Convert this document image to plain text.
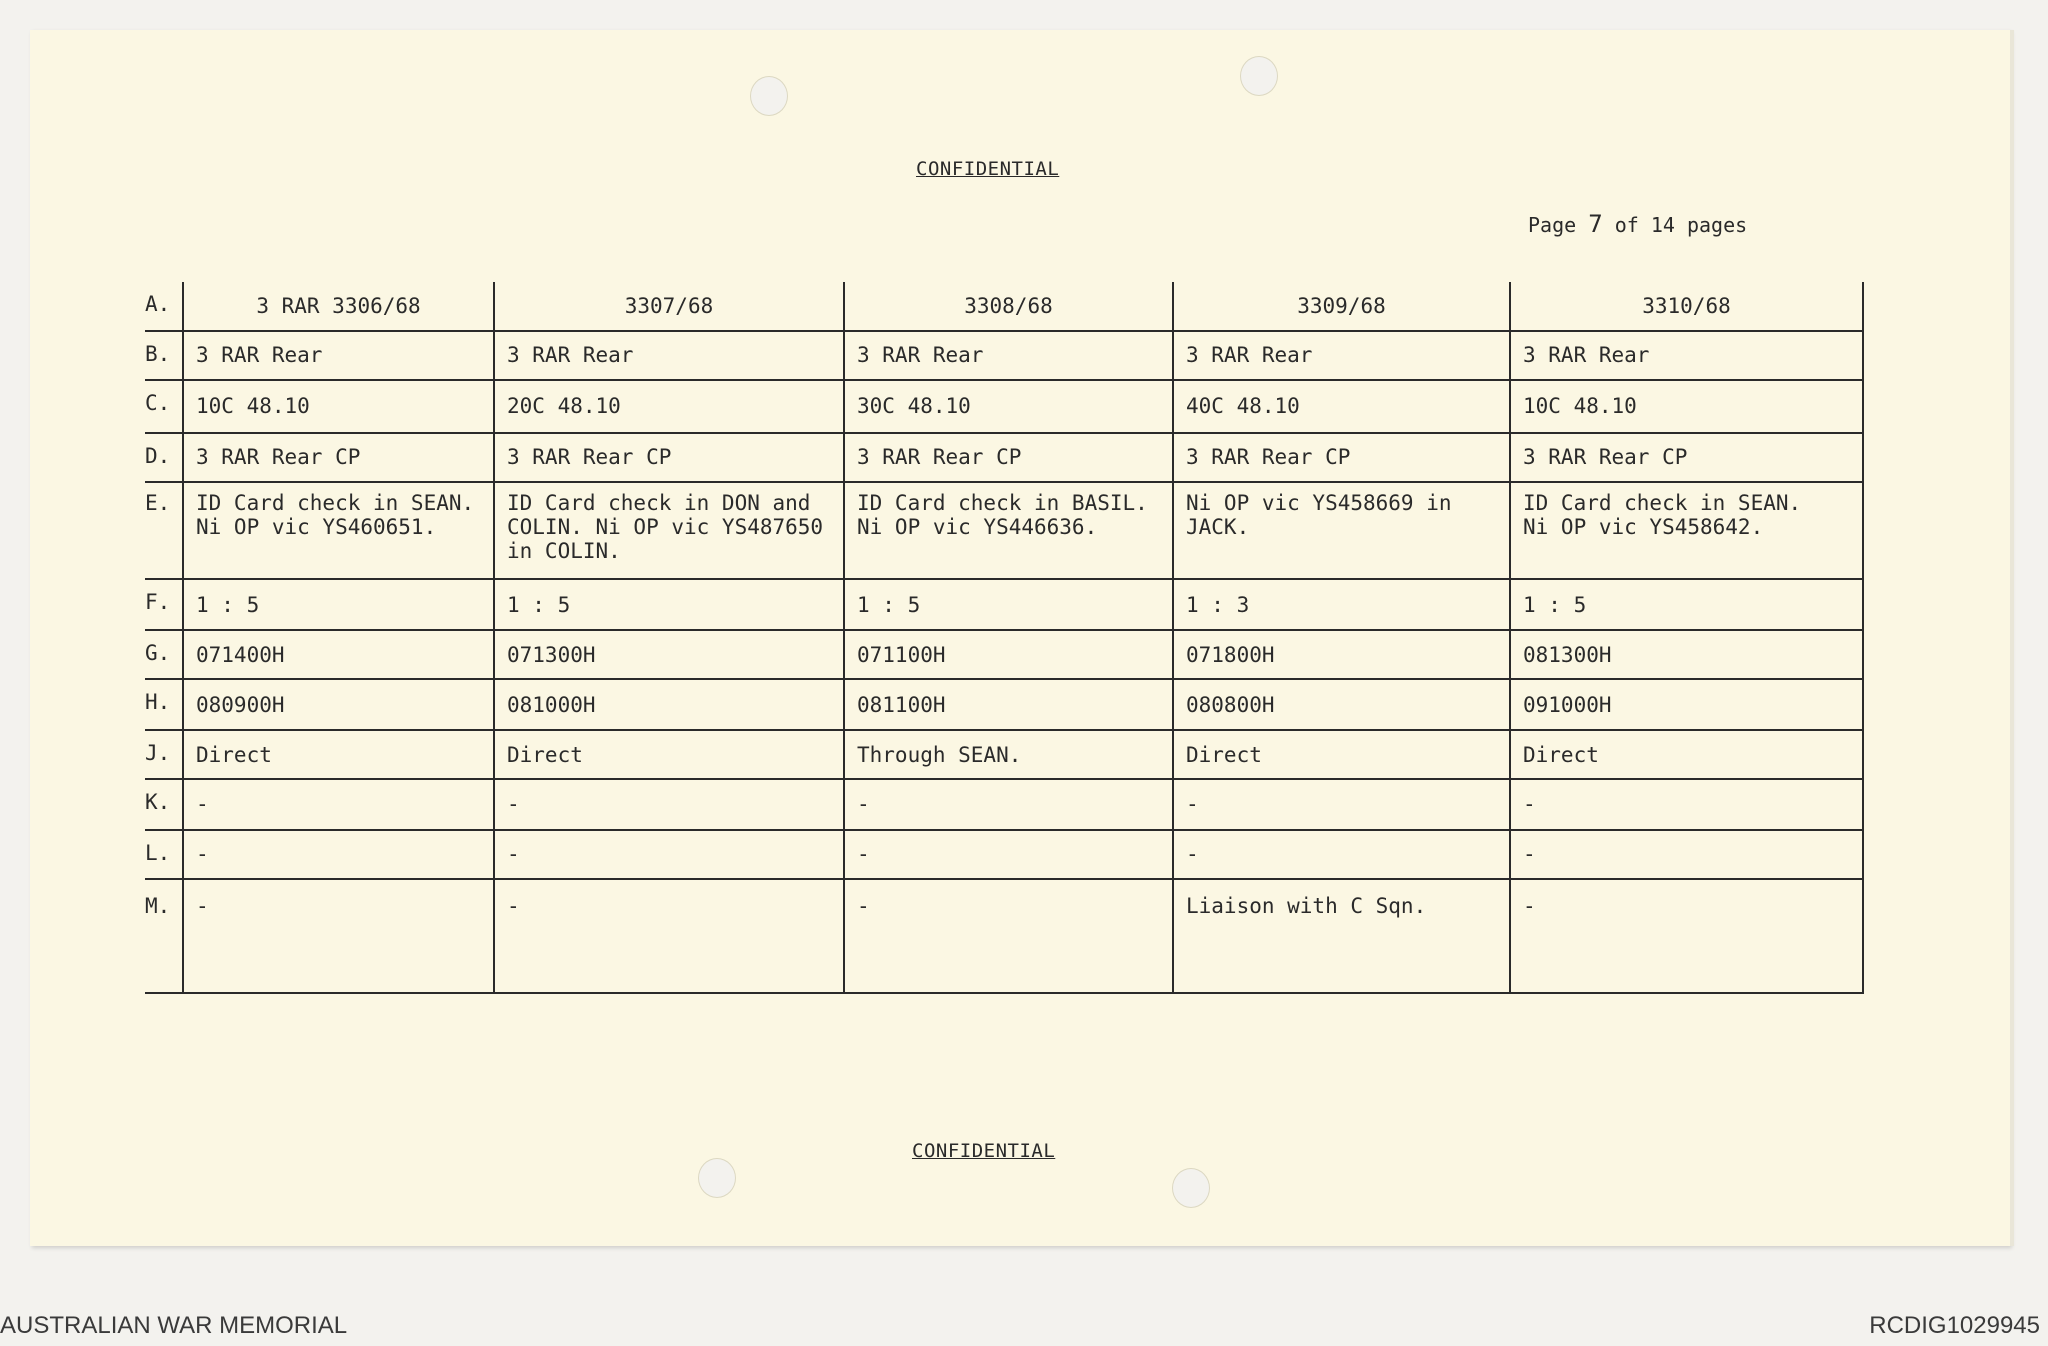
CONFIDENTIAL
Page 7 of 14 pages
A.	3 RAR 3306/68	3307/68	3308/68	3309/68	3310/68
B.	3 RAR Rear	3 RAR Rear	3 RAR Rear	3 RAR Rear	3 RAR Rear
C.	10C 48.10	20C 48.10	30C 48.10	40C 48.10	10C 48.10
D.	3 RAR Rear CP	3 RAR Rear CP	3 RAR Rear CP	3 RAR Rear CP	3 RAR Rear CP
E.	ID Card check in SEAN.
Ni OP vic YS460651.	ID Card check in DON and
COLIN. Ni OP vic YS487650
in COLIN.	ID Card check in BASIL.
Ni OP vic YS446636.	Ni OP vic YS458669 in
JACK.	ID Card check in SEAN.
Ni OP vic YS458642.
F.	1 : 5	1 : 5	1 : 5	1 : 3	1 : 5
G.	071400H	071300H	071100H	071800H	081300H
H.	080900H	081000H	081100H	080800H	091000H
J.	Direct	Direct	Through SEAN.	Direct	Direct
K.	-	-	-	-	-
L.	-	-	-	-	-
M.	-	-	-	Liaison with C Sqn.	-
CONFIDENTIAL
AUSTRALIAN WAR MEMORIAL	RCDIG1029945
